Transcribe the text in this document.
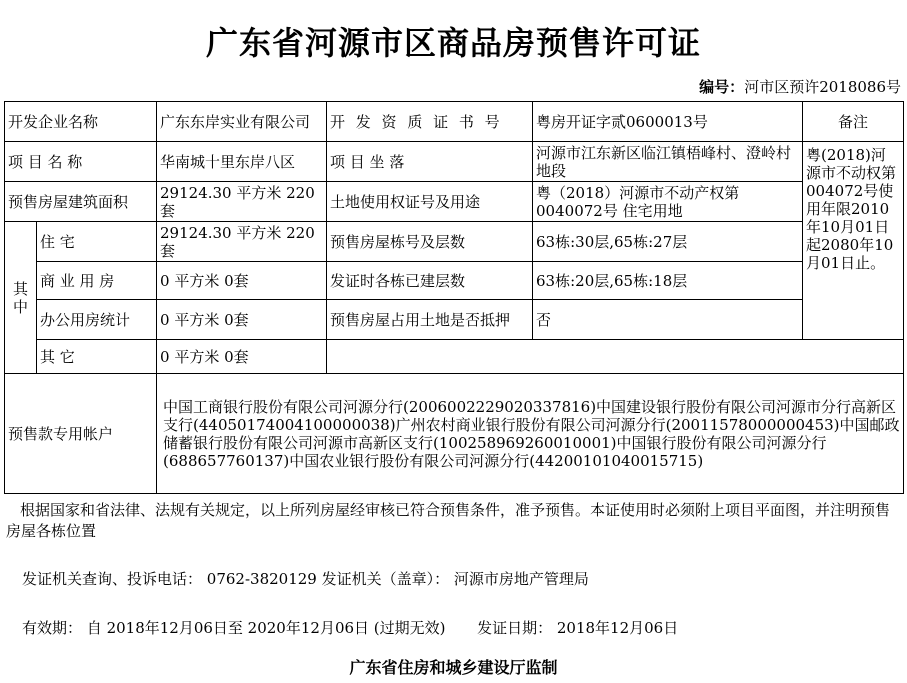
广东省河源市区商品房预售许可证
编号：河市区预许2018086号
开发企业名称		广东东岸实业有限公司	开 发 资 质 证 书 号	粤房开证字贰0600013号	备注	
项 目 名 称		华南城十里东岸八区	项 目 坐 落	河源市江东新区临江镇梧峰村、澄岭村地段	粤(2018)河源市不动权第004072号使用年限2010年10月01日起2080年10月01日止。	
预售房屋建筑面积		29124.30 平方米 220 套	土地使用权证号及用途	粤（2018）河源市不动产权第0040072号 住宅用地		
其中	住 宅	29124.30 平方米 220 套	预售房屋栋号及层数	63栋:30层,65栋:27层		
	商 业 用 房	0 平方米 0套	发证时各栋已建层数	63栋:20层,65栋:18层		
	办公用房统计	0 平方米 0套	预售房屋占用土地是否抵押	否		
	其 它	0 平方米 0套				
预售款专用帐户		中国工商银行股份有限公司河源分行(2006002229020337816)中国建设银行股份有限公司河源市分行高新区支行(44050174004100000038)广州农村商业银行股份有限公司河源分行(20011578000000453)中国邮政储蓄银行股份有限公司河源市高新区支行(100258969260010001)中国银行股份有限公司河源分行(688657760137)中国农业银行股份有限公司河源分行(44200101040015715)				
根据国家和省法律、法规有关规定，以上所列房屋经审核已符合预售条件，准予预售。本证使用时必须附上项目平面图，并注明预售房屋各栋位置
发证机关查询、投诉电话： 0762-3820129 发证机关（盖章）： 河源市房地产管理局
有效期： 自 2018年12月06日至 2020年12月06日 (过期无效) 发证日期： 2018年12月06日
广东省住房和城乡建设厅监制
